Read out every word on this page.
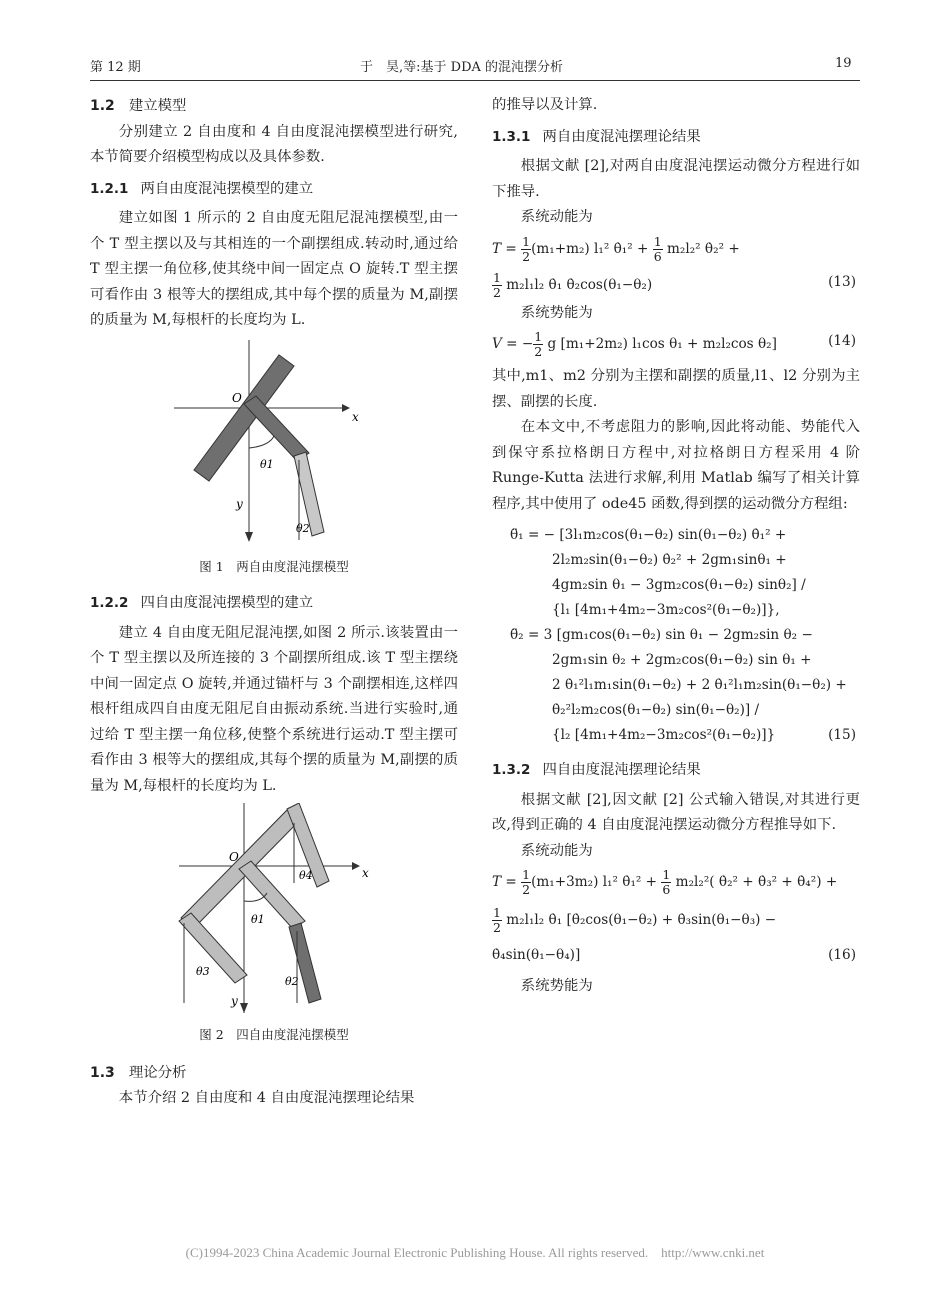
第 12 期	于　昊,等:基于 DDA 的混沌摆分析	19
1.2 建立模型

分别建立 2 自由度和 4 自由度混沌摆模型进行研究,本节简要介绍模型构成以及具体参数.

1.2.1 两自由度混沌摆模型的建立

建立如图 1 所示的 2 自由度无阻尼混沌摆模型,由一个 T 型主摆以及与其相连的一个副摆组成.转动时,通过给 T 型主摆一角位移,使其绕中间一固定点 O 旋转.T 型主摆可看作由 3 根等大的摆组成,其中每个摆的质量为 M,副摆的质量为 M,每根杆的长度均为 L.

O
x
y
θ1
θ2
图 1　两自由度混沌摆模型
1.2.2 四自由度混沌摆模型的建立

建立 4 自由度无阻尼混沌摆,如图 2 所示.该装置由一个 T 型主摆以及所连接的 3 个副摆所组成.该 T 型主摆绕中间一固定点 O 旋转,并通过锚杆与 3 个副摆相连,这样四根杆组成四自由度无阻尼自由振动系统.当进行实验时,通过给 T 型主摆一角位移,使整个系统进行运动.T 型主摆可看作由 3 根等大的摆组成,其每个摆的质量为 M,副摆的质量为 M,每根杆的长度均为 L.

O
x
y
θ1
θ2
θ3
θ4
图 2　四自由度混沌摆模型
1.3 理论分析

本节介绍 2 自由度和 4 自由度混沌摆理论结果

的推导以及计算.
1.3.1 两自由度混沌摆理论结果

根据文献 [2],对两自由度混沌摆运动微分方程进行如下推导.

系统动能为

$T = \frac{1}{2} (m_1+m_2)$ l₁² θ̇₁² + $\frac{1}{6} m_2l_2^2$ θ̇₂² +
$\frac{1}{2} m_2l_1l_2$ θ̇₁ θ̇₂cos(θ₁−θ₂)	(13)

系统势能为

V = − $\frac{1}{2}$ g [m₁+2m₂) l₁cos θ₁ + m₂l₂cos θ₂]	(14)

其中,m1、m2 分别为主摆和副摆的质量,l1、l2 分别为主摆、副摆的长度.

在本文中,不考虑阻力的影响,因此将动能、势能代入到保守系拉格朗日方程中,对拉格朗日方程采用 4 阶 Runge-Kutta 法进行求解,利用 Matlab 编写了相关计算程序,其中使用了 ode45 函数,得到摆的运动微分方程组:

θ̈₁ = − [3l₁m₂cos(θ₁−θ₂) sin(θ₁−θ₂) θ̇₁² +
2l₂m₂sin(θ₁−θ₂) θ̇₂² + 2gm₁sinθ₁ +
4gm₂sin θ₁ − 3gm₂cos(θ₁−θ₂) sinθ₂] /
{l₁ [4m₁+4m₂−3m₂cos²(θ₁−θ₂)]},
θ̈₂ = 3 [gm₁cos(θ₁−θ₂) sin θ₁ − 2gm₂sin θ₂ −
2gm₁sin θ₂ + 2gm₂cos(θ₁−θ₂) sin θ₁ +
2 θ̇₁²l₁m₁sin(θ₁−θ₂) + 2 θ̇₁²l₁m₂sin(θ₁−θ₂) +
θ̇₂²l₂m₂cos(θ₁−θ₂) sin(θ₁−θ₂)] /
{l₂ [4m₁+4m₂−3m₂cos²(θ₁−θ₂)]}	(15)
1.3.2 四自由度混沌摆理论结果

根据文献 [2],因文献 [2] 公式输入错误,对其进行更改,得到正确的 4 自由度混沌摆运动微分方程推导如下.

系统动能为

$T = \frac{1}{2} (m_1+3m_2)$ l₁² θ̇₁² + $\frac{1}{6} m_2l_2^2$( θ̇₂² + θ̇₃² + θ̇₄²) +
$\frac{1}{2} m_2l_1l_2$ θ̇₁ [θ̇₂cos(θ₁−θ₂) + θ̇₃sin(θ₁−θ₃) −
θ̇₄sin(θ₁−θ₄)]	(16)

系统势能为

(C)1994-2023 China Academic Journal Electronic Publishing House. All rights reserved.    http://www.cnki.net
